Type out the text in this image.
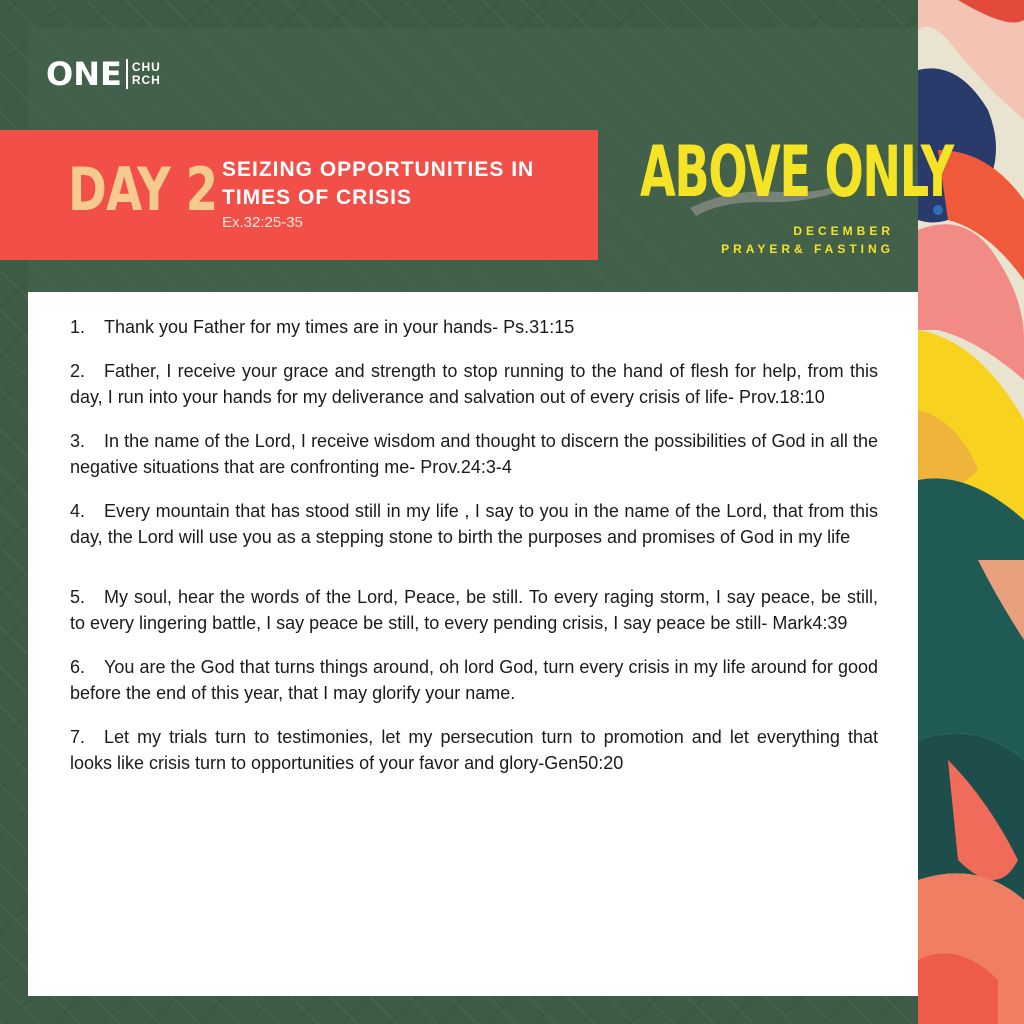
ONE CHU
RCH
DAY 2 SEIZING OPPORTUNITIES IN
TIMES OF CRISIS
Ex.32:25-35
ABOVE ONLY
DECEMBER
PRAYER& FASTING

1. Thank you Father for my times are in your hands- Ps.31:15

2. Father, I receive your grace and strength to stop running to the hand of flesh for help, from this day, I run into your hands for my deliverance and salvation out of every crisis of life- Prov.18:10

3. In the name of the Lord, I receive wisdom and thought to discern the possibilities of God in all the negative situations that are confronting me- Prov.24:3-4

4. Every mountain that has stood still in my life , I say to you in the name of the Lord, that from this day, the Lord will use you as a stepping stone to birth the purposes and promises of God in my life

5. My soul, hear the words of the Lord, Peace, be still. To every raging storm, I say peace, be still, to every lingering battle, I say peace be still, to every pending crisis, I say peace be still- Mark4:39

6. You are the God that turns things around, oh lord God, turn every crisis in my life around for good before the end of this year, that I may glorify your name.

7. Let my trials turn to testimonies, let my persecution turn to promotion and let everything that looks like crisis turn to opportunities of your favor and glory-Gen50:20
